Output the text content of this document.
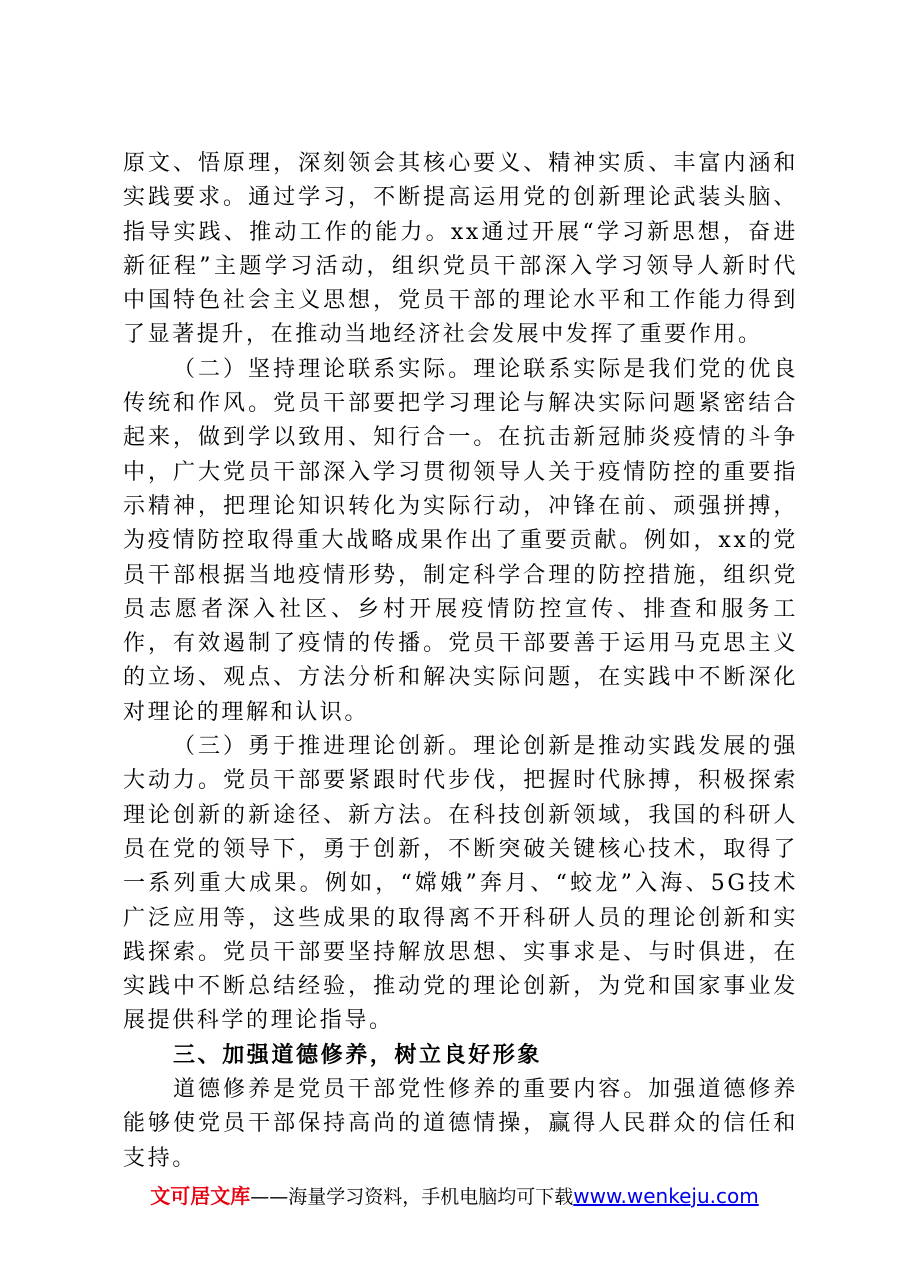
原文、悟原理，深刻领会其核心要义、精神实质、丰富内涵和实践要求。通过学习，不断提高运用党的创新理论武装头脑、指导实践、推动工作的能力。xx通过开展“学习新思想，奋进新征程”主题学习活动，组织党员干部深入学习领导人新时代中国特色社会主义思想，党员干部的理论水平和工作能力得到了显著提升，在推动当地经济社会发展中发挥了重要作用。

（二）坚持理论联系实际。理论联系实际是我们党的优良传统和作风。党员干部要把学习理论与解决实际问题紧密结合起来，做到学以致用、知行合一。在抗击新冠肺炎疫情的斗争中，广大党员干部深入学习贯彻领导人关于疫情防控的重要指示精神，把理论知识转化为实际行动，冲锋在前、顽强拼搏，为疫情防控取得重大战略成果作出了重要贡献。例如，xx的党员干部根据当地疫情形势，制定科学合理的防控措施，组织党员志愿者深入社区、乡村开展疫情防控宣传、排查和服务工作，有效遏制了疫情的传播。党员干部要善于运用马克思主义的立场、观点、方法分析和解决实际问题，在实践中不断深化对理论的理解和认识。

（三）勇于推进理论创新。理论创新是推动实践发展的强大动力。党员干部要紧跟时代步伐，把握时代脉搏，积极探索理论创新的新途径、新方法。在科技创新领域，我国的科研人员在党的领导下，勇于创新，不断突破关键核心技术，取得了一系列重大成果。例如，“嫦娥”奔月、“蛟龙”入海、5G技术广泛应用等，这些成果的取得离不开科研人员的理论创新和实践探索。党员干部要坚持解放思想、实事求是、与时俱进，在实践中不断总结经验，推动党的理论创新，为党和国家事业发展提供科学的理论指导。

三、加强道德修养，树立良好形象

道德修养是党员干部党性修养的重要内容。加强道德修养能够使党员干部保持高尚的道德情操，赢得人民群众的信任和支持。

文可居文库——海量学习资料，手机电脑均可下载www.wenkeju.com
